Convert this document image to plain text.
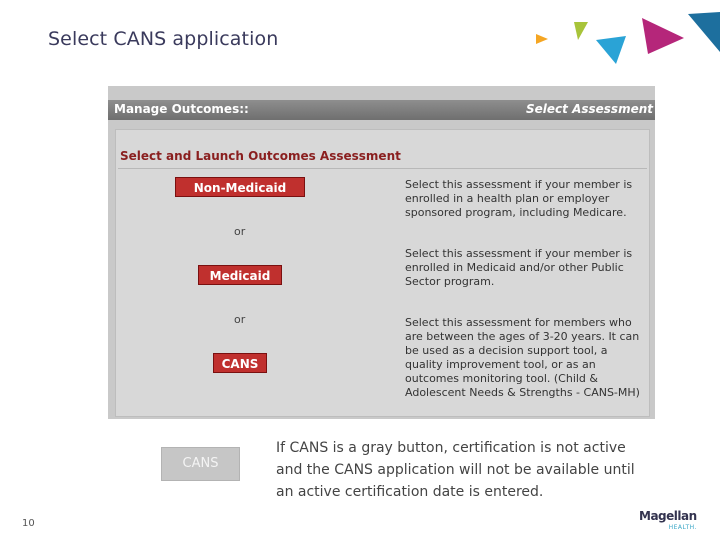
Select CANS application
Manage Outcomes::	Select Assessment
Select and Launch Outcomes Assessment
Non-Medicaid	Select this assessment if your member is enrolled in a health plan or employer sponsored program, including Medicare.
or
Medicaid
Select this assessment if your member is enrolled in Medicaid and/or other Public Sector program.
or
CANS
Select this assessment for members who are between the ages of 3-20 years. It can be used as a decision support tool, a quality improvement tool, or as an outcomes monitoring tool. (Child & Adolescent Needs & Strengths - CANS-MH)
CANS
If CANS is a gray button, certification is not active and the CANS application will not be available until an active certification date is entered.
10
Magellan
HEALTH.
